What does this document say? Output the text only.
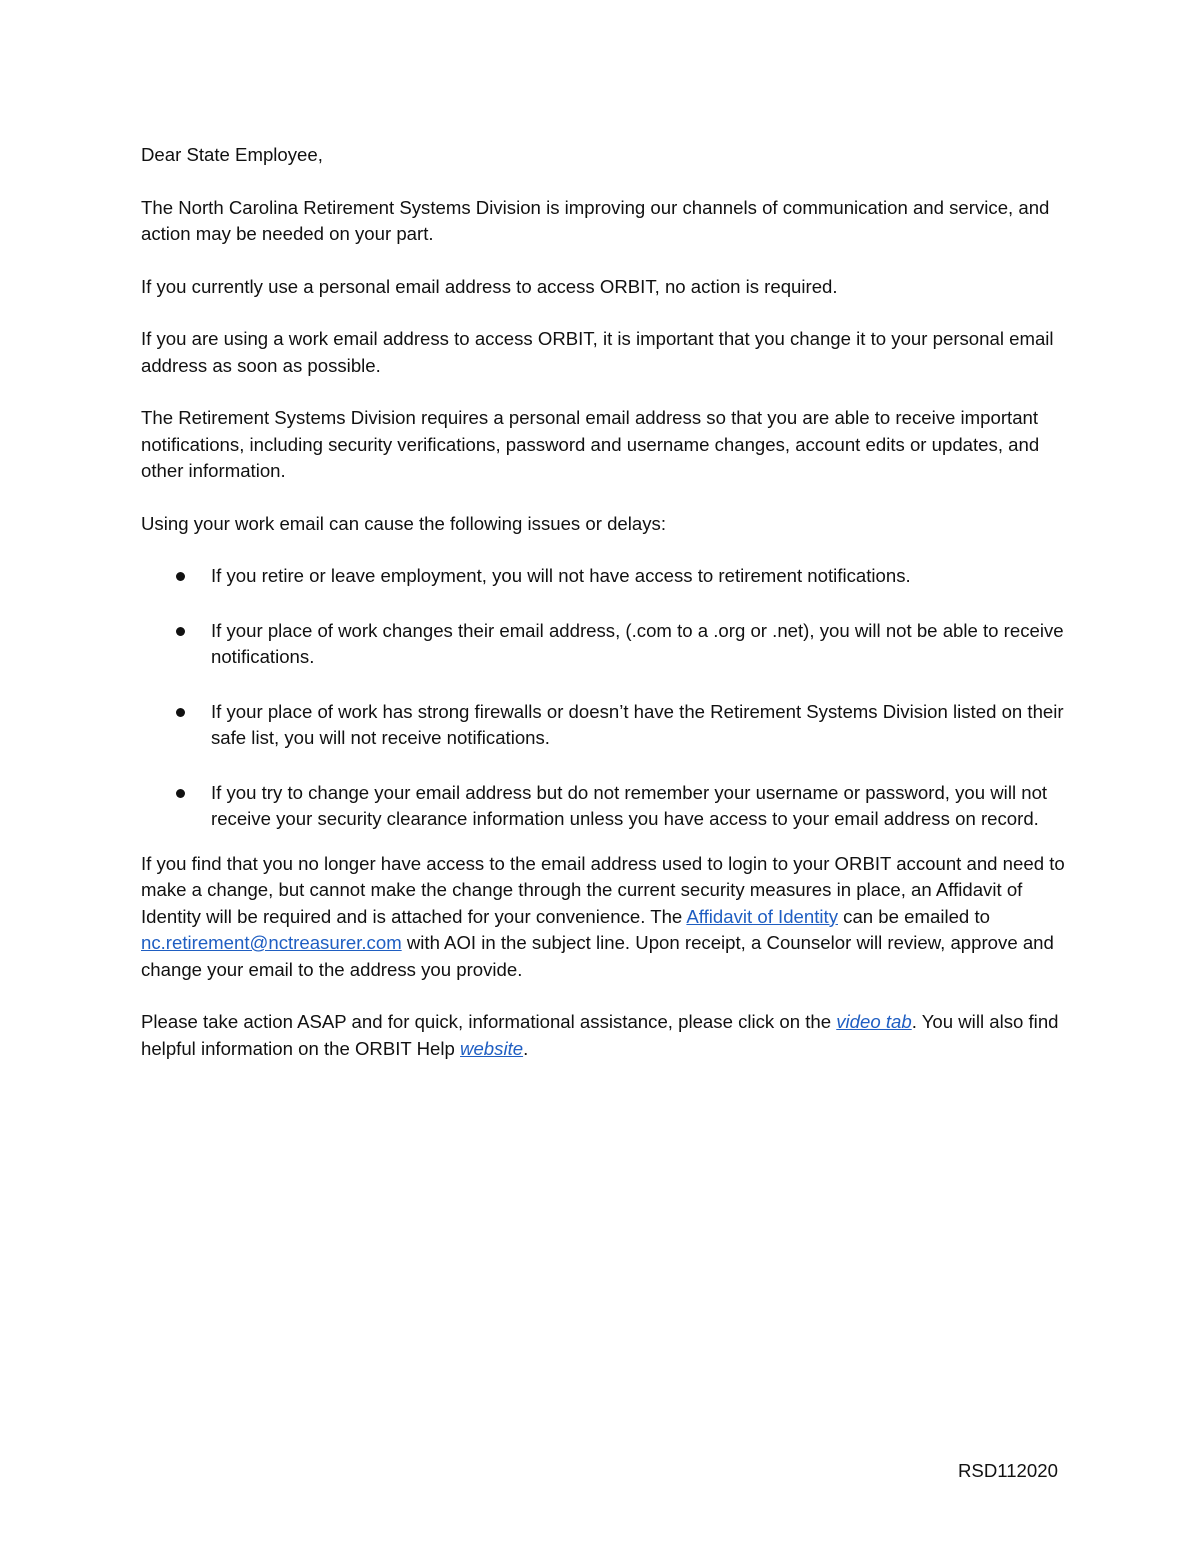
Dear State Employee,

The North Carolina Retirement Systems Division is improving our channels of communication and service, and action may be needed on your part.

If you currently use a personal email address to access ORBIT, no action is required.

If you are using a work email address to access ORBIT, it is important that you change it to your personal email address as soon as possible.

The Retirement Systems Division requires a personal email address so that you are able to receive important notifications, including security verifications, password and username changes, account edits or updates, and other information.

Using your work email can cause the following issues or delays:

If you retire or leave employment, you will not have access to retirement notifications.
If your place of work changes their email address, (.com to a .org or .net), you will not be able to receive notifications.
If your place of work has strong firewalls or doesn’t have the Retirement Systems Division listed on their safe list, you will not receive notifications.
If you try to change your email address but do not remember your username or password, you will not receive your security clearance information unless you have access to your email address on record.

If you find that you no longer have access to the email address used to login to your ORBIT account and need to make a change, but cannot make the change through the current security measures in place, an Affidavit of Identity will be required and is attached for your convenience. The Affidavit of Identity can be emailed to nc.retirement@nctreasurer.com with AOI in the subject line. Upon receipt, a Counselor will review, approve and change your email to the address you provide.

Please take action ASAP and for quick, informational assistance, please click on the video tab. You will also find helpful information on the ORBIT Help website.

RSD112020
